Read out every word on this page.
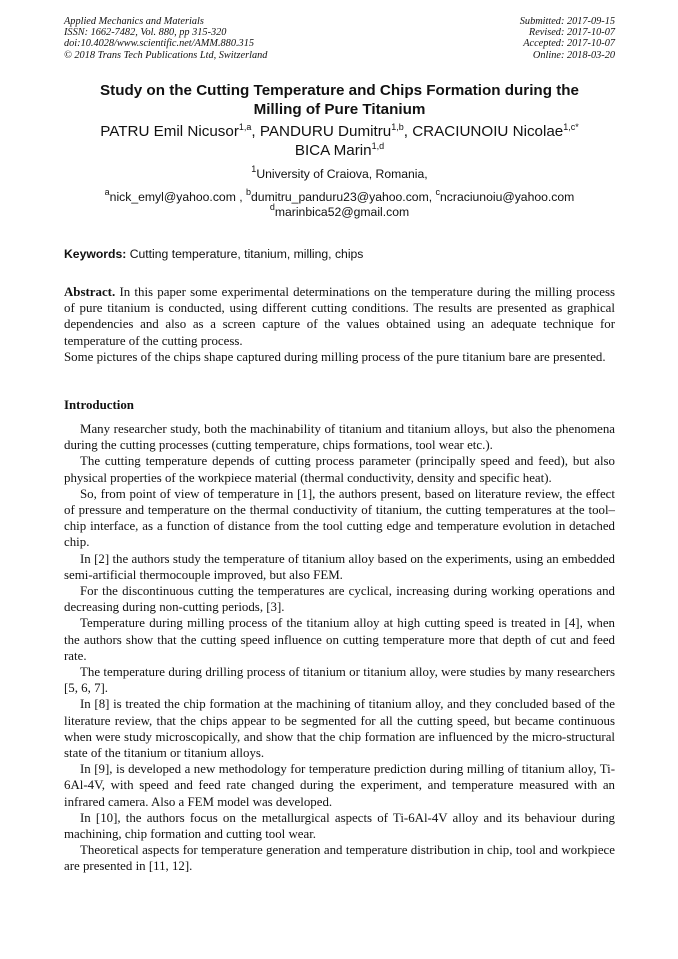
Applied Mechanics and Materials
ISSN: 1662-7482, Vol. 880, pp 315-320
doi:10.4028/www.scientific.net/AMM.880.315
© 2018 Trans Tech Publications Ltd, Switzerland
Submitted: 2017-09-15
Revised: 2017-10-07
Accepted: 2017-10-07
Online: 2018-03-20
Study on the Cutting Temperature and Chips Formation during the
Milling of Pure Titanium
PATRU Emil Nicusor$^{1,a}$, PANDURU Dumitru$^{1,b}$, CRACIUNOIU Nicolae$^{1,c*}$
BICA Marin$^{1,d}$
$^1$University of Craiova, Romania,
$^a$nick_emyl@yahoo.com , $^b$dumitru_panduru23@yahoo.com, $^c$ncraciunoiu@yahoo.com
$^d$marinbica52@gmail.com
Keywords: Cutting temperature, titanium, milling, chips

Abstract. In this paper some experimental determinations on the temperature during the milling process of pure titanium is conducted, using different cutting conditions. The results are presented as graphical dependencies and also as a screen capture of the values obtained using an adequate technique for temperature of the cutting process.

Some pictures of the chips shape captured during milling process of the pure titanium bare are presented.

Introduction

Many researcher study, both the machinability of titanium and titanium alloys, but also the phenomena during the cutting processes (cutting temperature, chips formations, tool wear etc.).

The cutting temperature depends of cutting process parameter (principally speed and feed), but also physical properties of the workpiece material (thermal conductivity, density and specific heat).

So, from point of view of temperature in [1], the authors present, based on literature review, the effect of pressure and temperature on the thermal conductivity of titanium, the cutting temperatures at the tool–chip interface, as a function of distance from the tool cutting edge and temperature evolution in detached chip.

In [2] the authors study the temperature of titanium alloy based on the experiments, using an embedded semi-artificial thermocouple improved, but also FEM.

For the discontinuous cutting the temperatures are cyclical, increasing during working operations and decreasing during non-cutting periods, [3].

Temperature during milling process of the titanium alloy at high cutting speed is treated in [4], when the authors show that the cutting speed influence on cutting temperature more that depth of cut and feed rate.

The temperature during drilling process of titanium or titanium alloy, were studies by many researchers [5, 6, 7].

In [8] is treated the chip formation at the machining of titanium alloy, and they concluded based of the literature review, that the chips appear to be segmented for all the cutting speed, but became continuous when were study microscopically, and show that the chip formation are influenced by the micro-structural state of the titanium or titanium alloys.

In [9], is developed a new methodology for temperature prediction during milling of titanium alloy, Ti-6Al-4V, with speed and feed rate changed during the experiment, and temperature measured with an infrared camera. Also a FEM model was developed.

In [10], the authors focus on the metallurgical aspects of Ti-6Al-4V alloy and its behaviour during machining, chip formation and cutting tool wear.

Theoretical aspects for temperature generation and temperature distribution in chip, tool and workpiece are presented in [11, 12].
